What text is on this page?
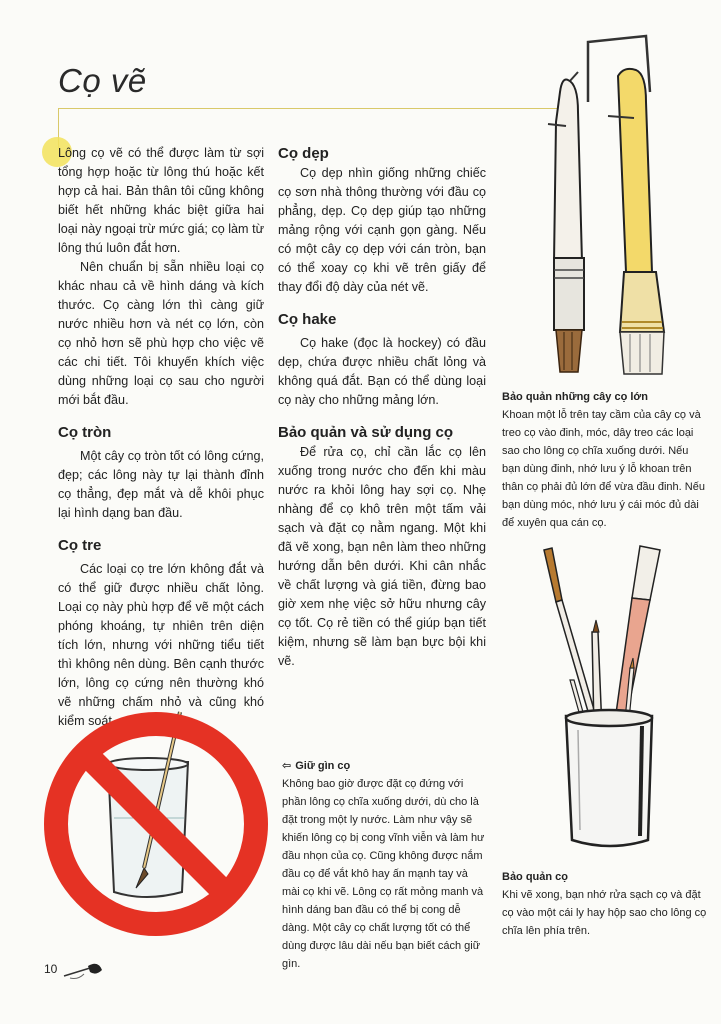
Cọ vẽ

Lông cọ vẽ có thể được làm từ sợi tổng hợp hoặc từ lông thú hoặc kết hợp cả hai. Bản thân tôi cũng không biết hết những khác biệt giữa hai loại này ngoại trừ mức giá; cọ làm từ lông thú luôn đắt hơn.

Nên chuẩn bị sẵn nhiều loại cọ khác nhau cả về hình dáng và kích thước. Cọ càng lớn thì càng giữ nước nhiều hơn và nét cọ lớn, còn cọ nhỏ hơn sẽ phù hợp cho việc vẽ các chi tiết. Tôi khuyến khích việc dùng những loại cọ sau cho người mới bắt đầu.

Cọ tròn

Một cây cọ tròn tốt có lông cứng, đẹp; các lông này tự lại thành đỉnh cọ thẳng, đẹp mắt và dễ khôi phục lại hình dạng ban đầu.

Cọ tre

Các loại cọ tre lớn không đắt và có thể giữ được nhiều chất lỏng. Loại cọ này phù hợp để vẽ một cách phóng khoáng, tự nhiên trên diện tích lớn, nhưng với những tiểu tiết thì không nên dùng. Bên cạnh thước lớn, lông cọ cứng nên thường khó vẽ những chấm nhỏ và cũng khó kiểm soát.

Cọ dẹp

Cọ dẹp nhìn giống những chiếc cọ sơn nhà thông thường với đầu cọ phẳng, dẹp. Cọ dẹp giúp tạo những mảng rộng với cạnh gọn gàng. Nếu có một cây cọ dẹp với cán tròn, bạn có thể xoay cọ khi vẽ trên giấy để thay đổi độ dày của nét vẽ.

Cọ hake

Cọ hake (đọc là hockey) có đầu dẹp, chứa được nhiều chất lỏng và không quá đắt. Bạn có thể dùng loại cọ này cho những mảng lớn.

Bảo quản và sử dụng cọ

Để rửa cọ, chỉ cần lắc cọ lên xuống trong nước cho đến khi màu nước ra khỏi lông hay sợi cọ. Nhẹ nhàng để cọ khô trên một tấm vải sạch và đặt cọ nằm ngang. Một khi đã vẽ xong, bạn nên làm theo những hướng dẫn bên dưới. Khi cân nhắc về chất lượng và giá tiền, đừng bao giờ xem nhẹ việc sở hữu nhưng cây cọ tốt. Cọ rẻ tiền có thể giúp bạn tiết kiệm, nhưng sẽ làm bạn bực bội khi vẽ.

Bảo quản những cây cọ lớn

Khoan một lỗ trên tay cầm của cây cọ và treo cọ vào đinh, móc, dây treo các loại sao cho lông cọ chĩa xuống dưới. Nếu bạn dùng đinh, nhớ lưu ý lỗ khoan trên thân cọ phải đủ lớn để vừa đầu đinh. Nếu bạn dùng móc, nhớ lưu ý cái móc đủ dài để xuyên qua cán cọ.

Bảo quản cọ

Khi vẽ xong, bạn nhớ rửa sạch cọ và đặt cọ vào một cái ly hay hộp sao cho lông cọ chĩa lên phía trên.

⇦ Giữ gìn cọ

Không bao giờ được đặt cọ đứng với phần lông cọ chĩa xuống dưới, dù cho là đặt trong một ly nước. Làm như vậy sẽ khiến lông cọ bị cong vĩnh viễn và làm hư đầu nhọn của cọ. Cũng không được nắm đầu cọ để vắt khô hay ấn mạnh tay và mài cọ khi vẽ. Lông cọ rất mỏng manh và hình dáng ban đầu có thể bị cong dễ dàng. Một cây cọ chất lượng tốt có thể dùng được lâu dài nếu bạn biết cách giữ gìn.

10
